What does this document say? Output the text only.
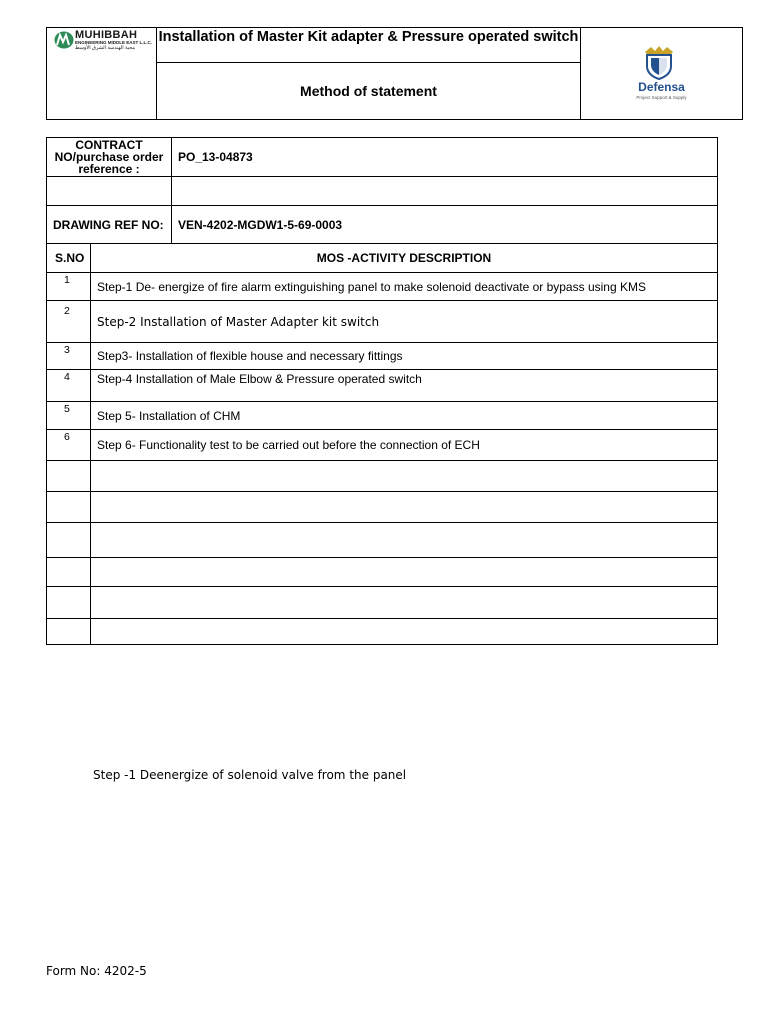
MUHIBBAH
ENGINEERING MIDDLE EAST L.L.C.
محبة الهندسة الشرق الأوسط
Installation of Master Kit adapter & Pressure operated switch
Method of statement	Defensa
Project Support & Supply
CONTRACT NO/purchase order reference :		PO_13-04873

DRAWING REF NO:		VEN-4202-MGDW1-5-69-0003
S.NO	MOS -ACTIVITY DESCRIPTION	

1	Step-1 De- energize of fire alarm extinguishing panel to make solenoid deactivate or bypass using KMS	

2	Step-2 Installation of Master Adapter kit switch	

3	Step3- Installation of flexible house and necessary fittings	

4	Step-4 Installation of Male Elbow & Pressure operated switch	

5	Step 5- Installation of CHM	

6	Step 6- Functionality test to be carried out before the connection of ECH	

Step -1 Deenergize of solenoid valve from the panel
Form No: 4202-5
